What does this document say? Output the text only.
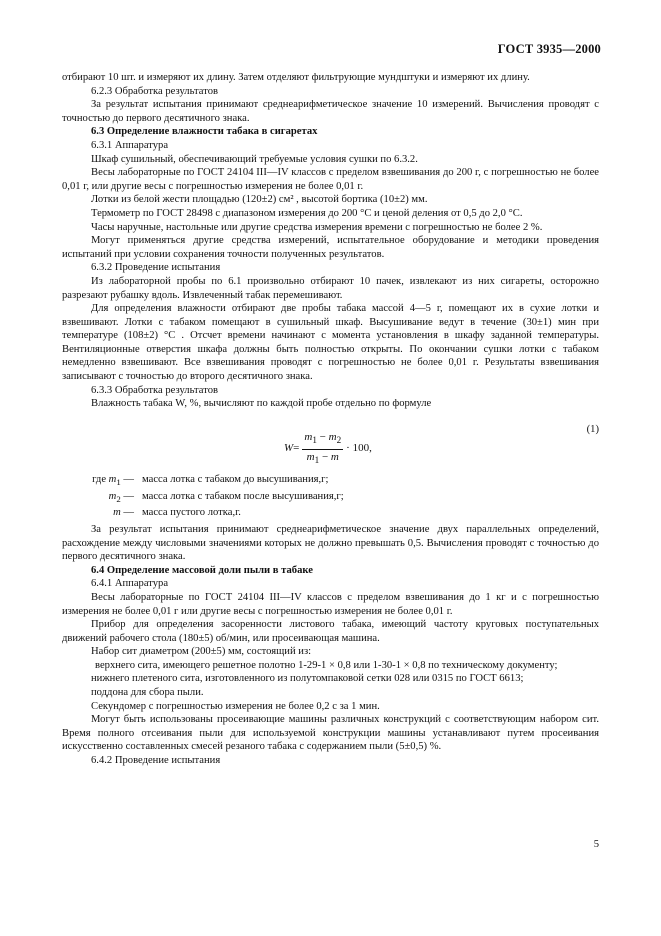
ГОСТ 3935—2000

отбирают 10 шт. и измеряют их длину. Затем отделяют фильтрующие мундштуки и измеряют их длину.

6.2.3 Обработка результатов

За результат испытания принимают среднеарифметическое значение 10 измерений. Вычисления проводят с точностью до первого десятичного знака.

6.3 Определение влажности табака в сигаретах

6.3.1 Аппаратура

Шкаф сушильный, обеспечивающий требуемые условия сушки по 6.3.2.

Весы лабораторные по ГОСТ 24104 III—IV классов с пределом взвешивания до 200 г, с погрешностью не более 0,01 г, или другие весы с погрешностью измерения не более 0,01 г.

Лотки из белой жести площадью (120±2) см² , высотой бортика (10±2) мм.

Термометр по ГОСТ 28498 с диапазоном измерения до 200 °С и ценой деления от 0,5 до 2,0 °С.

Часы наручные, настольные или другие средства измерения времени с погрешностью не более 2 %.

Могут применяться другие средства измерений, испытательное оборудование и методики проведения испытаний при условии сохранения точности полученных результатов.

6.3.2 Проведение испытания

Из лабораторной пробы по 6.1 произвольно отбирают 10 пачек, извлекают из них сигареты, осторожно разрезают рубашку вдоль. Извлеченный табак перемешивают.

Для определения влажности отбирают две пробы табака массой 4—5 г, помещают их в сухие лотки и взвешивают. Лотки с табаком помещают в сушильный шкаф. Высушивание ведут в течение (30±1) мин при температуре (108±2) °С . Отсчет времени начинают с момента установления в шкафу заданной температуры. Вентиляционные отверстия шкафа должны быть полностью открыты. По окончании сушки лотки с табаком немедленно взвешивают. Все взвешивания проводят с погрешностью не более 0,01 г. Результаты взвешивания записывают с точностью до второго десятичного знака.

6.3.3 Обработка результатов

Влажность табака W, %, вычисляют по каждой пробе отдельно по формуле

$W = \frac{m_1 - m_2}{m_1 - m} \cdot 100$,
(1)
где $m_1$ — масса лотка с табаком до высушивания,г;
$m_2$ — масса лотка с табаком после высушивания,г;
m — масса пустого лотка,г.

За результат испытания принимают среднеарифметическое значение двух параллельных определений, расхождение между числовыми значениями которых не должно превышать 0,5. Вычисления проводят с точностью до первого десятичного знака.

6.4 Определение массовой доли пыли в табаке

6.4.1 Аппаратура

Весы лабораторные по ГОСТ 24104 III—IV классов с пределом взвешивания до 1 кг и с погрешностью измерения не более 0,01 г или другие весы с погрешностью измерения не более 0,01 г.

Прибор для определения засоренности листового табака, имеющий частоту круговых поступательных движений рабочего стола (180±5) об/мин, или просеивающая машина.

Набор сит диаметром (200±5) мм, состоящий из:

верхнего сита, имеющего решетное полотно 1-29-1 × 0,8 или 1-30-1 × 0,8 по техническому документу;

нижнего плетеного сита, изготовленного из полутомпаковой сетки 028 или 0315 по ГОСТ 6613;

поддона для сбора пыли.

Секундомер с погрешностью измерения не более 0,2 с за 1 мин.

Могут быть использованы просеивающие машины различных конструкций с соответствующим набором сит. Время полного отсеивания пыли для используемой конструкции машины устанавливают путем просеивания искусственно составленных смесей резаного табака с содержанием пыли (5±0,5) %.

6.4.2 Проведение испытания

5
